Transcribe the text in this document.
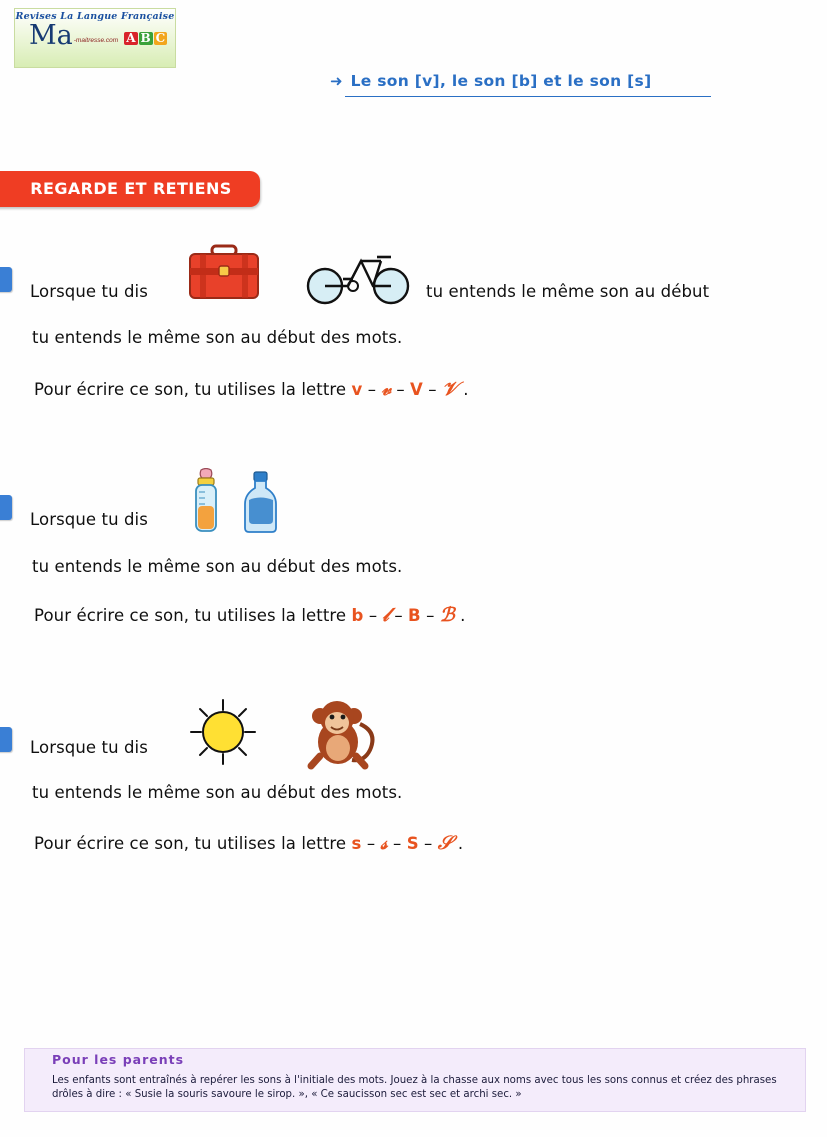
Revises La Langue Française
Ma -maitresse.com A B C
➜ Le son [v], le son [b] et le son [s]
REGARDE ET RETIENS
Lorsque tu dis	tu entends le même son au début
tu entends le même son au début des mots.
Pour écrire ce son, tu utilises la lettre v – 𝓋 – V – 𝒱 .
Lorsque tu dis
tu entends le même son au début des mots.
Pour écrire ce son, tu utilises la lettre b – 𝓁 – B – ℬ .
Lorsque tu dis
tu entends le même son au début des mots.
Pour écrire ce son, tu utilises la lettre s – 𝓈 – S – 𝒮 .
Pour les parents
Les enfants sont entraînés à repérer les sons à l'initiale des mots. Jouez à la chasse aux noms avec tous les sons connus et créez des phrases drôles à dire : « Susie la souris savoure le sirop. », « Ce saucisson sec est sec et archi sec. »
